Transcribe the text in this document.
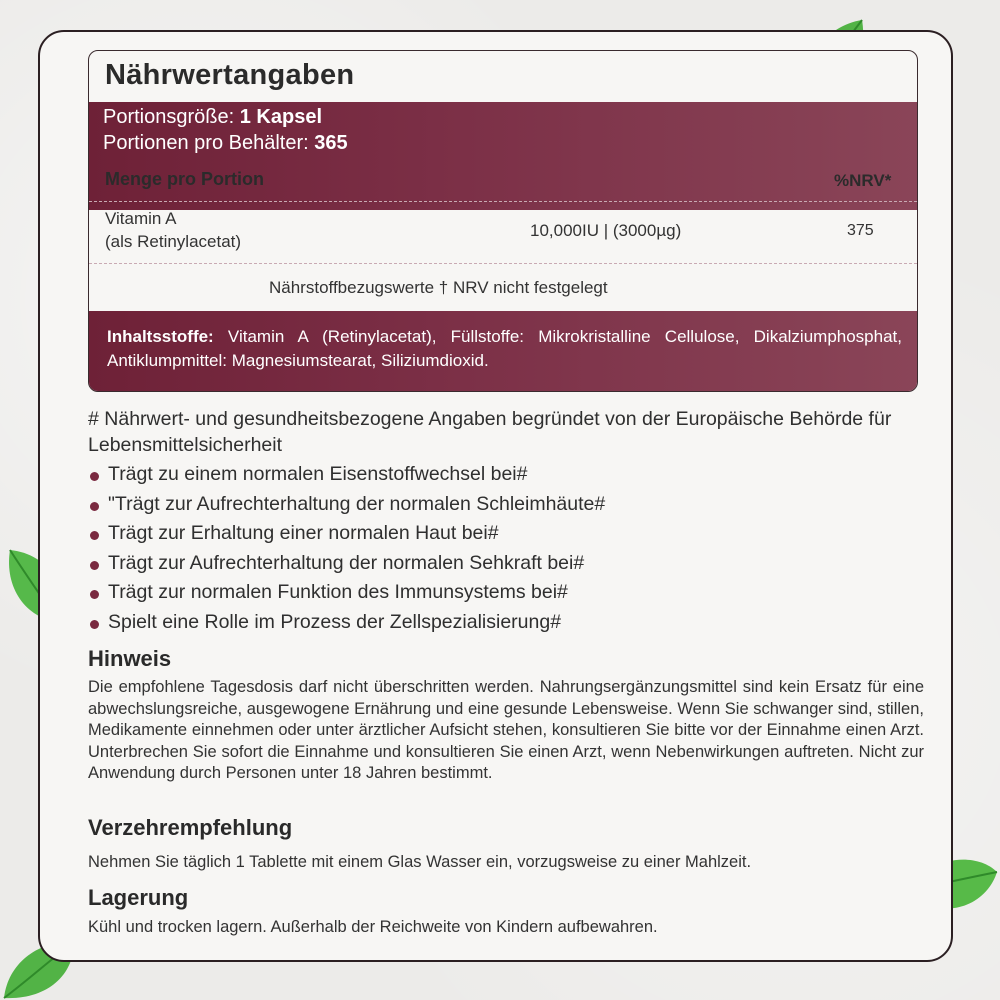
Nährwertangaben
Portionsgröße: 1 Kapsel
Portionen pro Behälter: 365
Menge pro Portion	%NRV*
Vitamin A
(als Retinylacetat)
10,000IU | (3000µg)	375
Nährstoffbezugswerte † NRV nicht festgelegt
Inhaltsstoffe: Vitamin A (Retinylacetat), Füllstoffe: Mikrokristalline Cellulose, Dikalziumphosphat, Antiklumpmittel: Magnesiumstearat, Siliziumdioxid.
# Nährwert- und gesundheitsbezogene Angaben begründet von der Europäische Behörde für Lebensmittelsicherheit
Trägt zu einem normalen Eisenstoffwechsel bei#
"Trägt zur Aufrechterhaltung der normalen Schleimhäute#
Trägt zur Erhaltung einer normalen Haut bei#
Trägt zur Aufrechterhaltung der normalen Sehkraft bei#
Trägt zur normalen Funktion des Immunsystems bei#
Spielt eine Rolle im Prozess der Zellspezialisierung#
Hinweis
Die empfohlene Tagesdosis darf nicht überschritten werden. Nahrungsergänzungsmittel sind kein Ersatz für eine abwechslungsreiche, ausgewogene Ernährung und eine gesunde Lebensweise. Wenn Sie schwanger sind, stillen, Medikamente einnehmen oder unter ärztlicher Aufsicht stehen, konsultieren Sie bitte vor der Einnahme einen Arzt. Unterbrechen Sie sofort die Einnahme und konsultieren Sie einen Arzt, wenn Nebenwirkungen auftreten. Nicht zur Anwendung durch Personen unter 18 Jahren bestimmt.
Verzehrempfehlung
Nehmen Sie täglich 1 Tablette mit einem Glas Wasser ein, vorzugsweise zu einer Mahlzeit.
Lagerung
Kühl und trocken lagern. Außerhalb der Reichweite von Kindern aufbewahren.
